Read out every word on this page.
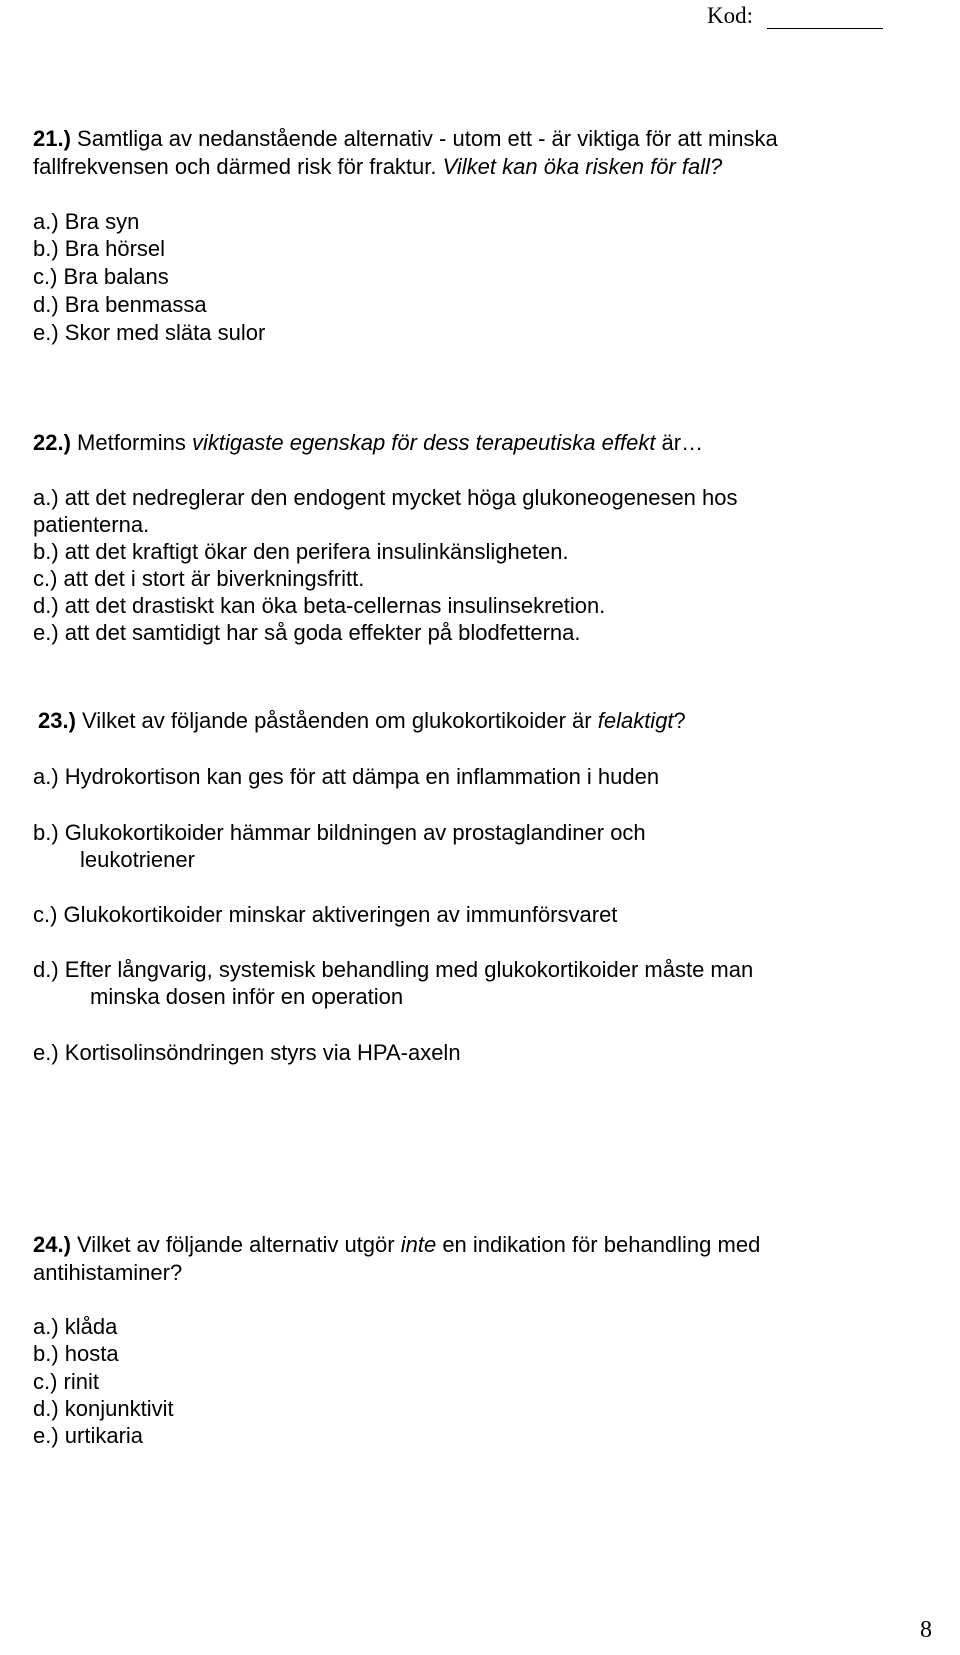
Kod:
21.) Samtliga av nedanstående alternativ - utom ett - är viktiga för att minska
fallfrekvensen och därmed risk för fraktur. Vilket kan öka risken för fall?
a.) Bra syn
b.) Bra hörsel
c.) Bra balans
d.) Bra benmassa
e.) Skor med släta sulor
22.) Metformins viktigaste egenskap för dess terapeutiska effekt är…
a.) att det nedreglerar den endogent mycket höga glukoneogenesen hos
patienterna.
b.) att det kraftigt ökar den perifera insulinkänsligheten.
c.) att det i stort är biverkningsfritt.
d.) att det drastiskt kan öka beta-cellernas insulinsekretion.
e.) att det samtidigt har så goda effekter på blodfetterna.
23.) Vilket av följande påståenden om glukokortikoider är felaktigt?
a.) Hydrokortison kan ges för att dämpa en inflammation i huden
b.) Glukokortikoider hämmar bildningen av prostaglandiner och
leukotriener
c.) Glukokortikoider minskar aktiveringen av immunförsvaret
d.) Efter långvarig, systemisk behandling med glukokortikoider måste man
minska dosen inför en operation
e.) Kortisolinsöndringen styrs via HPA-axeln
24.) Vilket av följande alternativ utgör inte en indikation för behandling med
antihistaminer?
a.) klåda
b.) hosta
c.) rinit
d.) konjunktivit
e.) urtikaria
8
